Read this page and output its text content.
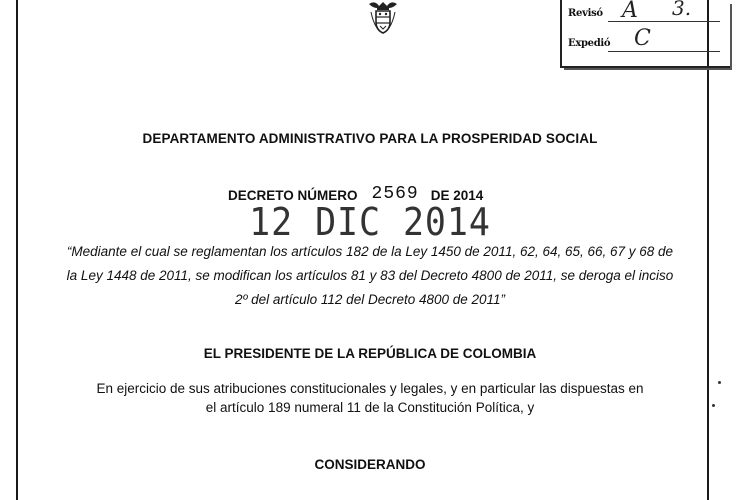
Revisó A 3.
Expedió C
DEPARTAMENTO ADMINISTRATIVO PARA LA PROSPERIDAD SOCIAL
DECRETO NÚMERO 2569 DE 2014
12 DIC 2014
“Mediante el cual se reglamentan los artículos 182 de la Ley 1450 de 2011, 62, 64, 65, 66, 67 y 68 de la Ley 1448 de 2011, se modifican los artículos 81 y 83 del Decreto 4800 de 2011, se deroga el inciso 2º del artículo 112 del Decreto 4800 de 2011”
EL PRESIDENTE DE LA REPÚBLICA DE COLOMBIA
En ejercicio de sus atribuciones constitucionales y legales, y en particular las dispuestas en el artículo 189 numeral 11 de la Constitución Política, y
CONSIDERANDO
